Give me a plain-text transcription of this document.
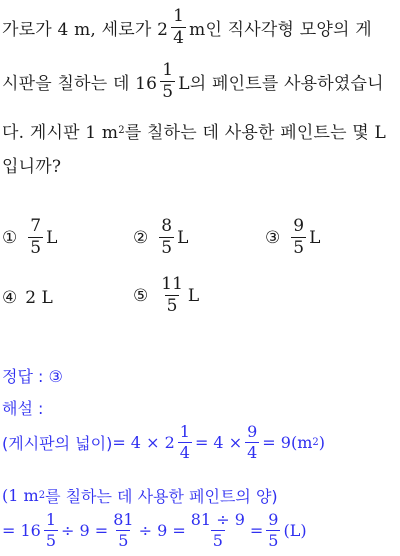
가로가 4 m, 세로가 $2 \frac{1}{4}$ m인 직사각형 모양의 게
시판을 칠하는 데 $16 \frac{1}{5}$ L의 페인트를 사용하였습니
다. 게시판 1 m 2 를 칠하는 데 사용한 페인트는 몇 L
입니까?
① $\frac{7}{5}$ L	② $\frac{8}{5}$ L	③ $\frac{9}{5}$ L
④ 2 L	⑤ $\frac{11}{5}$ L
정답 : ③
해설 :
(게시판의 넓이) = $4 \times 2 \frac{1}{4} = 4 \times \frac{9}{4} = 9(m$ 2 )
(1 m 2 를 칠하는 데 사용한 페인트의 양)
= $16 \frac{1}{5} \div 9 = \frac{81}{5} \div 9 = \frac{81 \div 9}{5} = \frac{9}{5} (L)$
